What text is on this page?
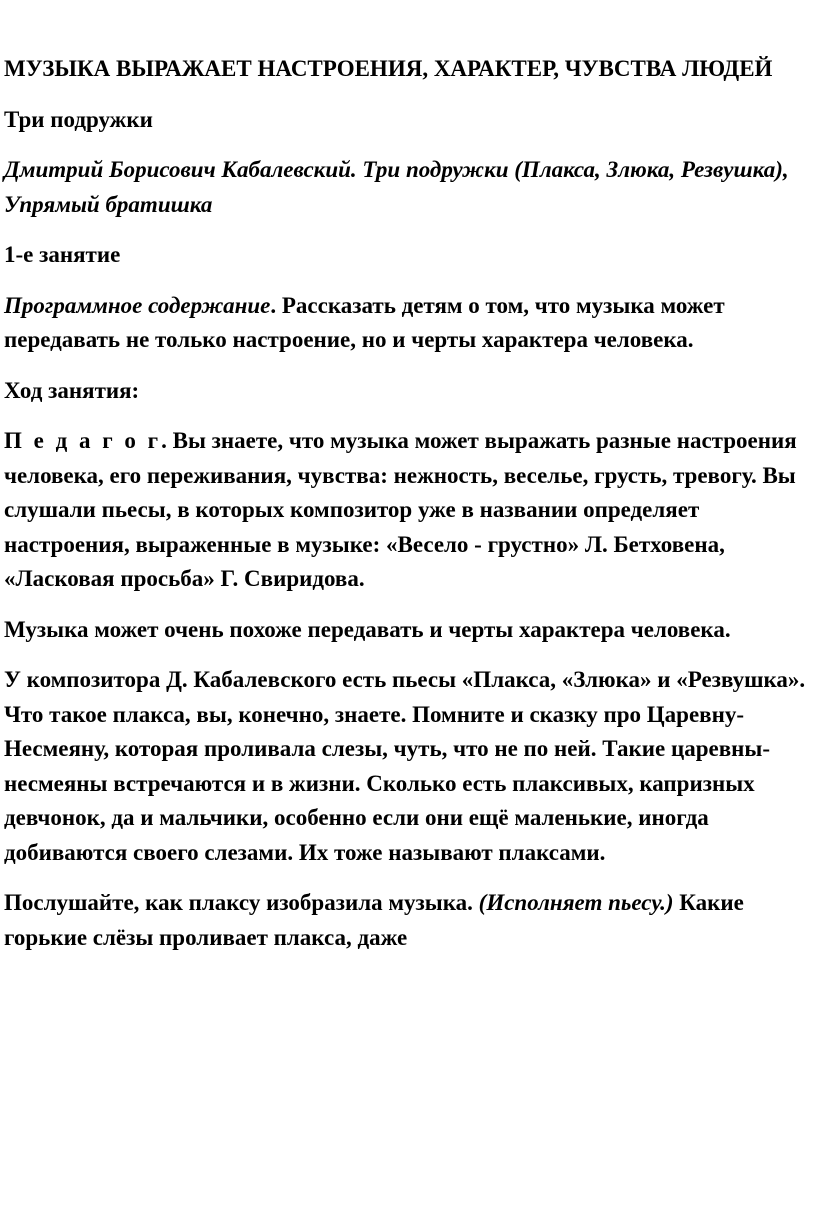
МУЗЫКА ВЫРАЖАЕТ НАСТРОЕНИЯ, ХАРАКТЕР, ЧУВСТВА ЛЮДЕЙ

Три подружки

Дмитрий Борисович Кабалевский. Три подружки (Плакса, Злюка, Резвушка), Упрямый братишка

1-е занятие

Программное содержание. Рассказать детям о том, что музыка может передавать не только настроение, но и черты характера человека.

Ход занятия:

П е д а г о г. Вы знаете, что музыка может выражать разные настроения человека, его переживания, чувства: нежность, веселье, грусть, тревогу. Вы слушали пьесы, в которых композитор уже в названии определяет настроения, выраженные в музыке: «Весело - грустно» Л. Бетховена, «Ласковая просьба» Г. Свиридова.

Музыка может очень похоже передавать и черты характера человека.

У композитора Д. Кабалевского есть пьесы «Плакса, «Злюка» и «Резвушка». Что такое плакса, вы, конечно, знаете. Помните и сказку про Царевну-Несмеяну, которая проливала слезы, чуть, что не по ней. Такие царевны-несмеяны встречаются и в жизни. Сколько есть плаксивых, капризных девчонок, да и мальчики, особенно если они ещё маленькие, иногда добиваются своего слезами. Их тоже называют плаксами.

Послушайте, как плаксу изобразила музыка. (Исполняет пьесу.) Какие горькие слёзы проливает плакса, даже
